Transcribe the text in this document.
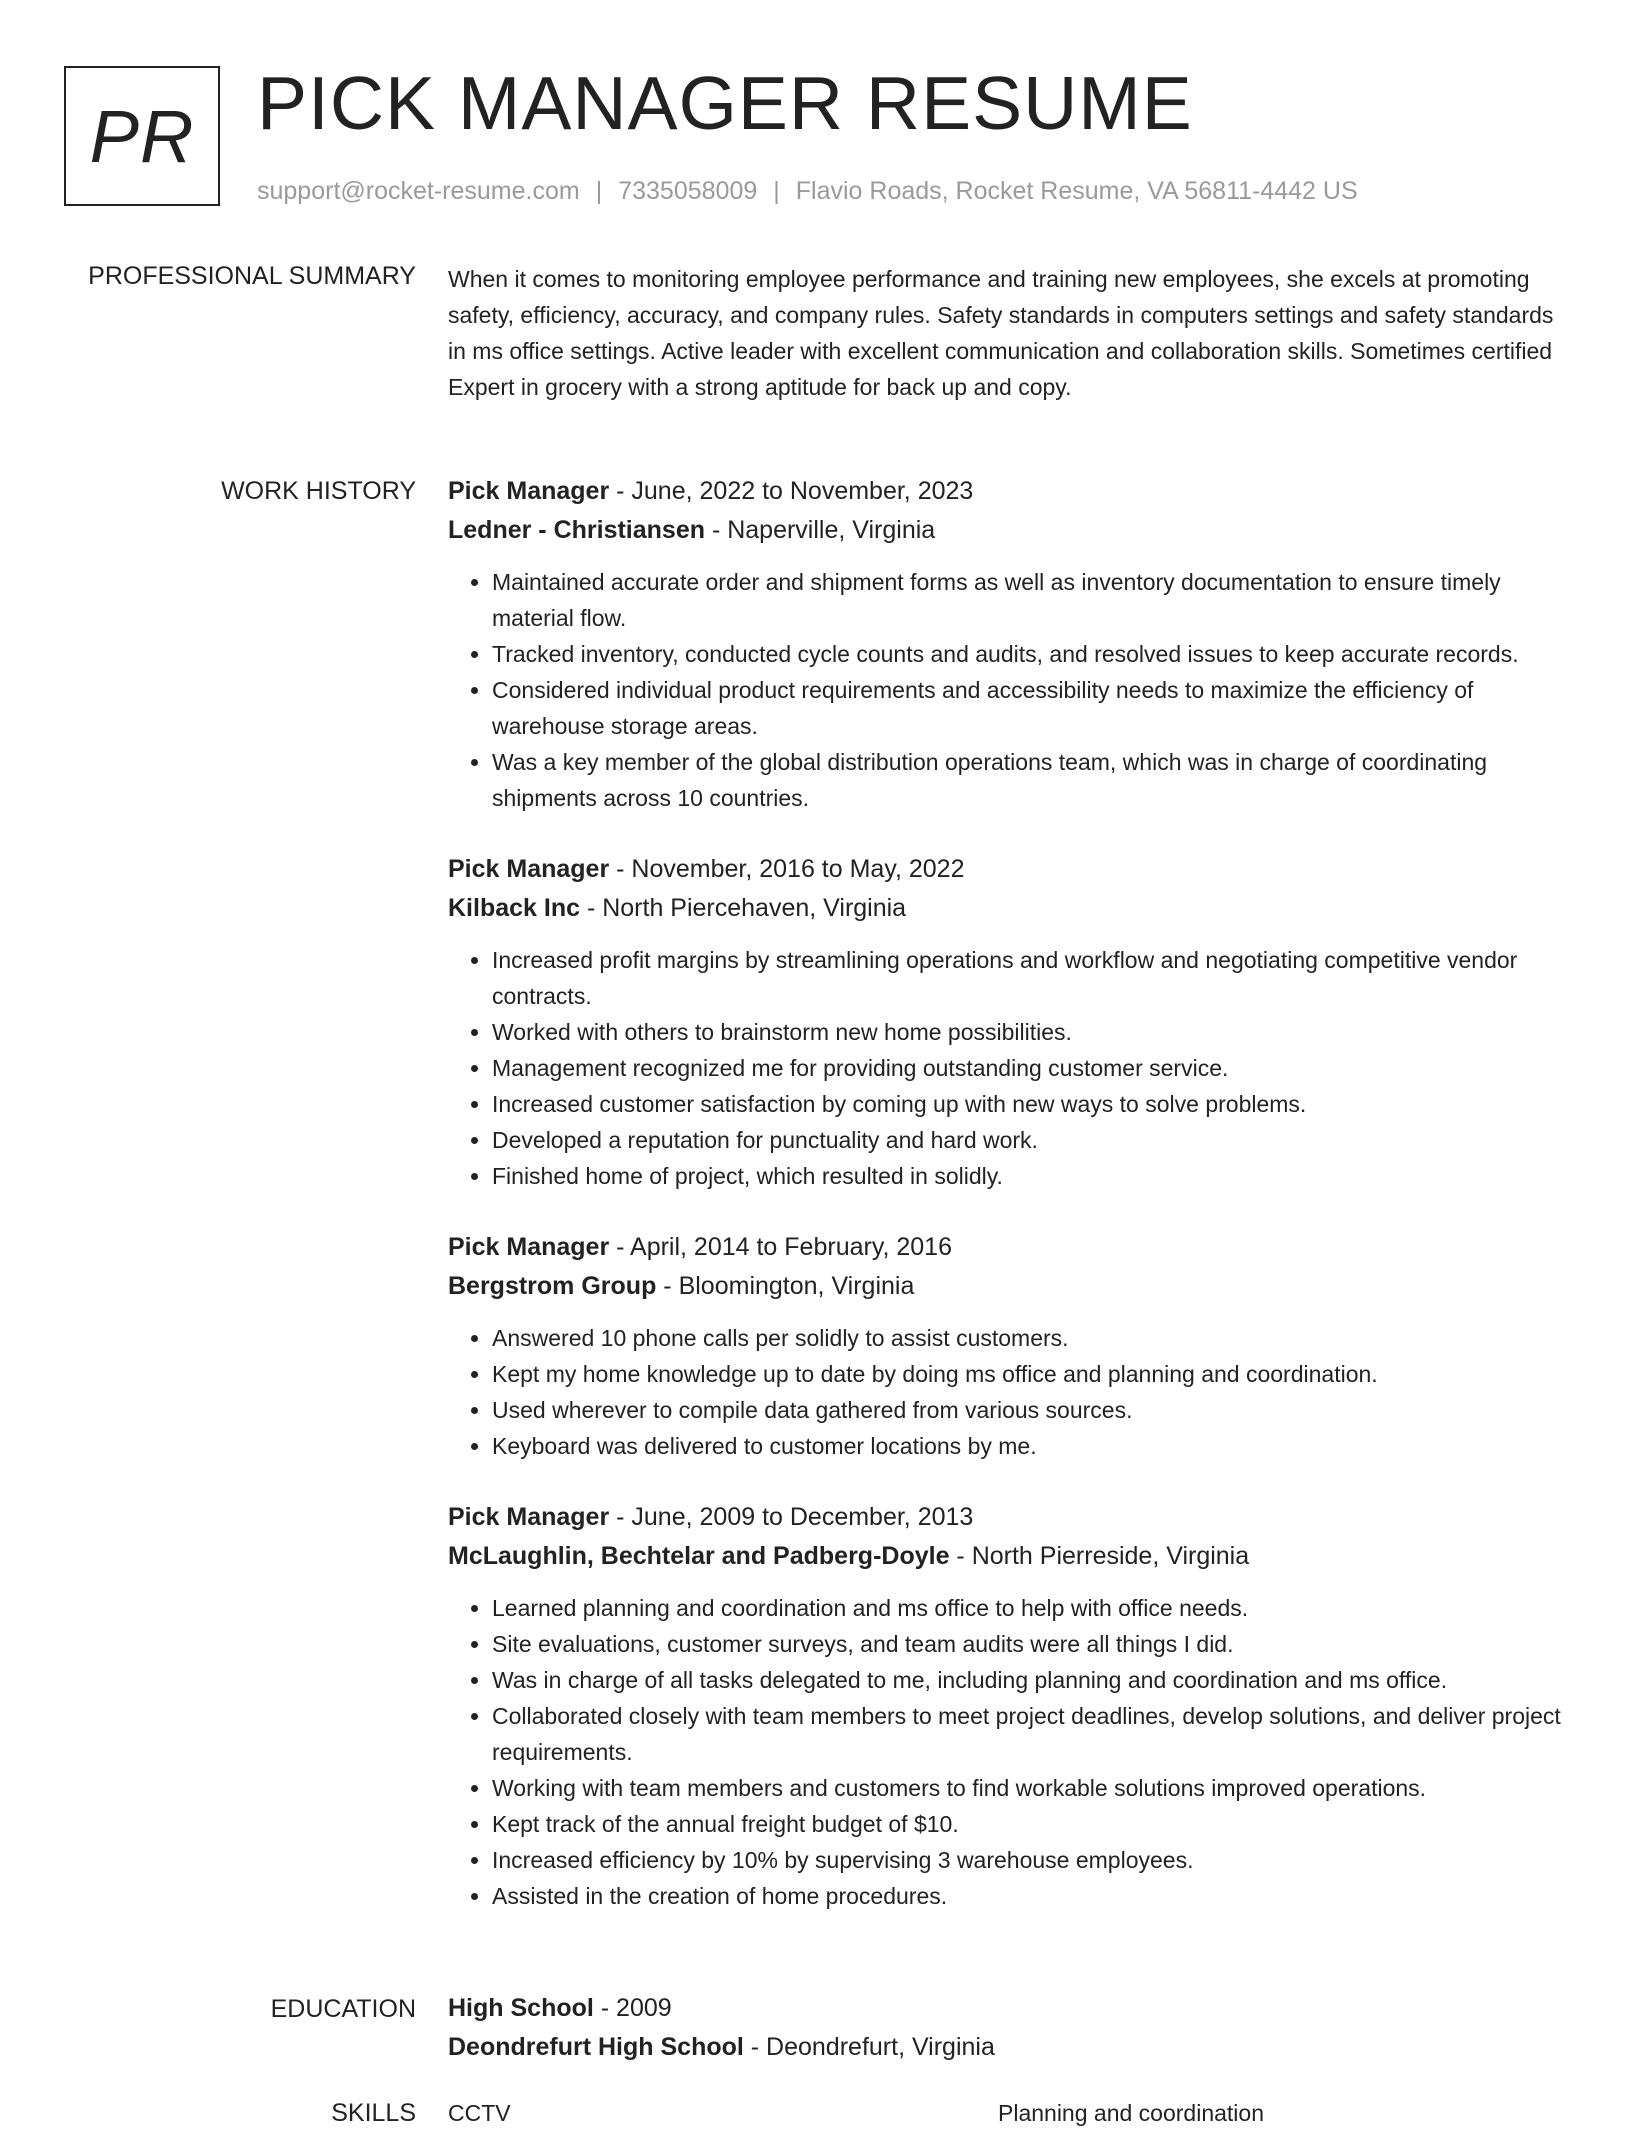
PR PICK MANAGER RESUME
support@rocket-resume.com | 7335058009 | Flavio Roads, Rocket Resume, VA 56811-4442 US
PROFESSIONAL SUMMARY When it comes to monitoring employee performance and training new employees, she excels at promoting safety, efficiency, accuracy, and company rules. Safety standards in computers settings and safety standards in ms office settings. Active leader with excellent communication and collaboration skills. Sometimes certified Expert in grocery with a strong aptitude for back up and copy.

WORK HISTORY Pick Manager - June, 2022 to November, 2023
Ledner - Christiansen - Naperville, Virginia
• Maintained accurate order and shipment forms as well as inventory documentation to ensure timely material flow.
• Tracked inventory, conducted cycle counts and audits, and resolved issues to keep accurate records.
• Considered individual product requirements and accessibility needs to maximize the efficiency of warehouse storage areas.
• Was a key member of the global distribution operations team, which was in charge of coordinating shipments across 10 countries.
Pick Manager - November, 2016 to May, 2022
Kilback Inc - North Piercehaven, Virginia
• Increased profit margins by streamlining operations and workflow and negotiating competitive vendor contracts.
• Worked with others to brainstorm new home possibilities.
• Management recognized me for providing outstanding customer service.
• Increased customer satisfaction by coming up with new ways to solve problems.
• Developed a reputation for punctuality and hard work.
• Finished home of project, which resulted in solidly.
Pick Manager - April, 2014 to February, 2016
Bergstrom Group - Bloomington, Virginia
• Answered 10 phone calls per solidly to assist customers.
• Kept my home knowledge up to date by doing ms office and planning and coordination.
• Used wherever to compile data gathered from various sources.
• Keyboard was delivered to customer locations by me.
Pick Manager - June, 2009 to December, 2013
McLaughlin, Bechtelar and Padberg-Doyle - North Pierreside, Virginia
• Learned planning and coordination and ms office to help with office needs.
• Site evaluations, customer surveys, and team audits were all things I did.
• Was in charge of all tasks delegated to me, including planning and coordination and ms office.
• Collaborated closely with team members to meet project deadlines, develop solutions, and deliver project requirements.
• Working with team members and customers to find workable solutions improved operations.
• Kept track of the annual freight budget of $10.
• Increased efficiency by 10% by supervising 3 warehouse employees.
• Assisted in the creation of home procedures.
EDUCATION High School - 2009
Deondrefurt High School - Deondrefurt, Virginia
SKILLS CCTV	Planning and coordination
